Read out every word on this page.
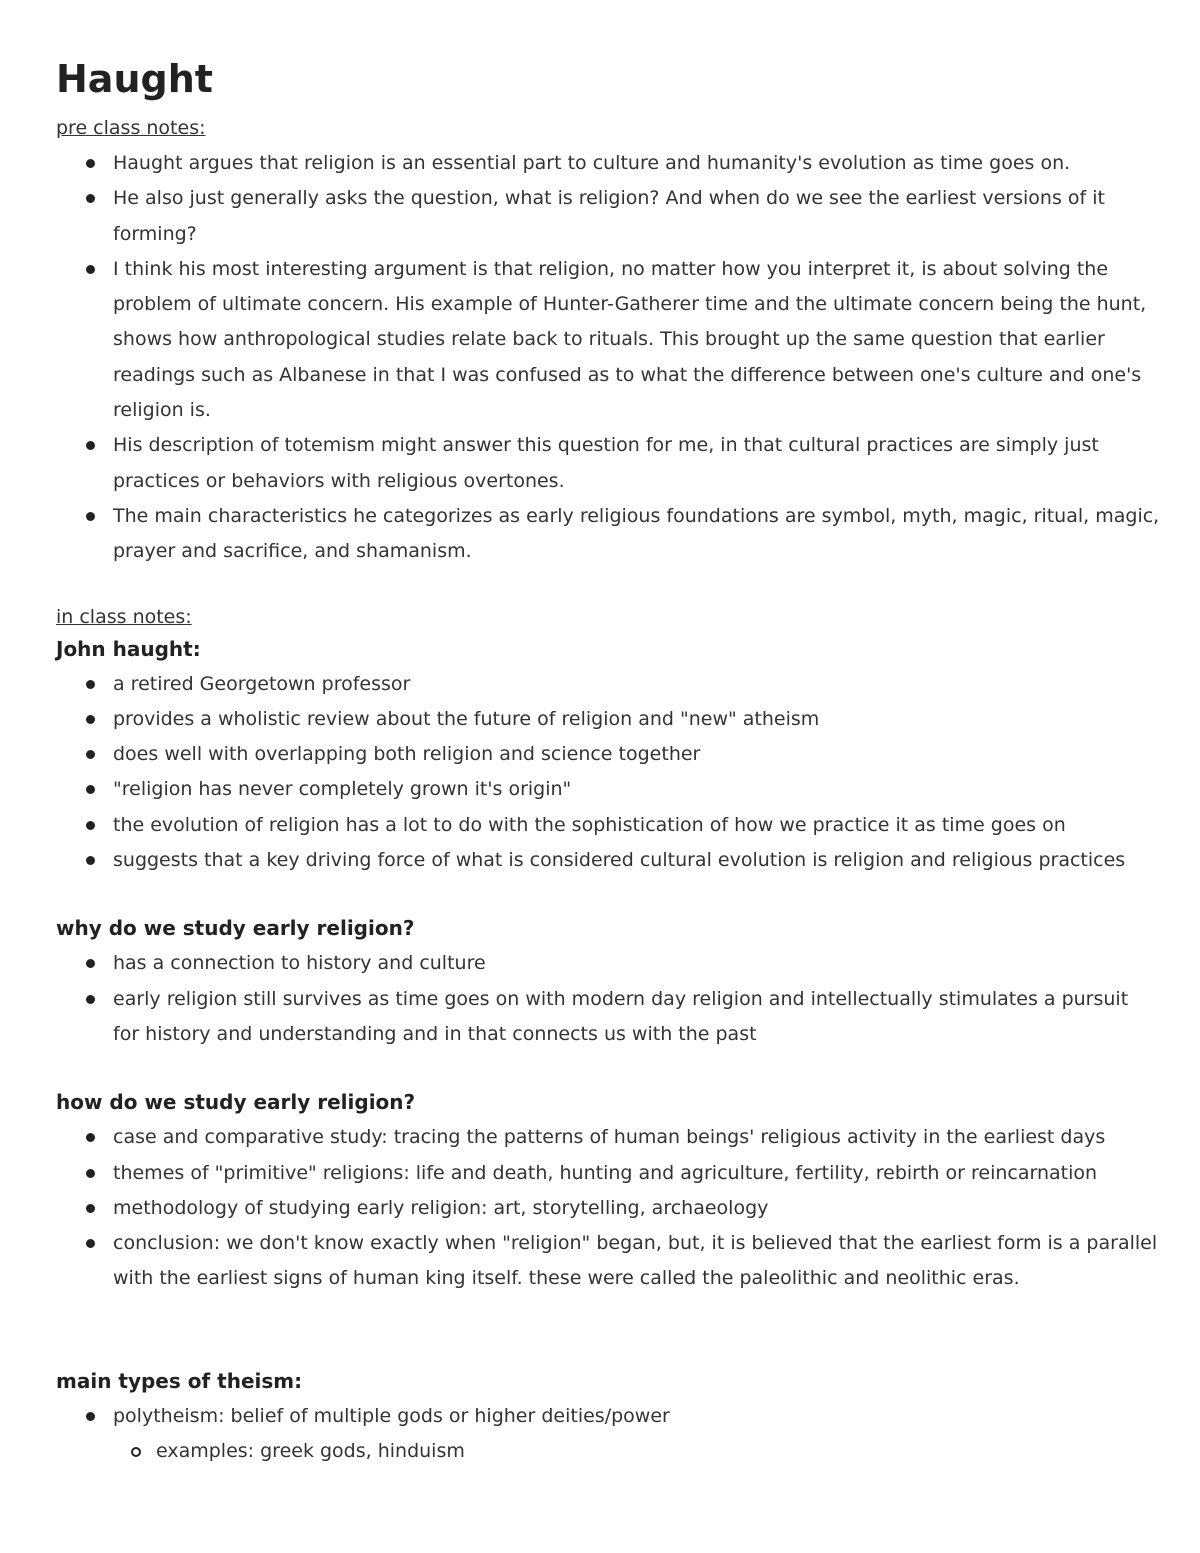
Haught
pre class notes:
Haught argues that religion is an essential part to culture and humanity's evolution as time goes on.
He also just generally asks the question, what is religion? And when do we see the earliest versions of it forming?
I think his most interesting argument is that religion, no matter how you interpret it, is about solving the problem of ultimate concern. His example of Hunter-Gatherer time and the ultimate concern being the hunt, shows how anthropological studies relate back to rituals. This brought up the same question that earlier readings such as Albanese in that I was confused as to what the difference between one's culture and one's religion is.
His description of totemism might answer this question for me, in that cultural practices are simply just practices or behaviors with religious overtones.
The main characteristics he categorizes as early religious foundations are symbol, myth, magic, ritual, magic, prayer and sacrifice, and shamanism.
in class notes:
John haught:
a retired Georgetown professor
provides a wholistic review about the future of religion and "new" atheism
does well with overlapping both religion and science together
"religion has never completely grown it's origin"
the evolution of religion has a lot to do with the sophistication of how we practice it as time goes on
suggests that a key driving force of what is considered cultural evolution is religion and religious practices
why do we study early religion?
has a connection to history and culture
early religion still survives as time goes on with modern day religion and intellectually stimulates a pursuit for history and understanding and in that connects us with the past
how do we study early religion?
case and comparative study: tracing the patterns of human beings' religious activity in the earliest days
themes of "primitive" religions: life and death, hunting and agriculture, fertility, rebirth or reincarnation
methodology of studying early religion: art, storytelling, archaeology
conclusion: we don't know exactly when "religion" began, but, it is believed that the earliest form is a parallel with the earliest signs of human king itself. these were called the paleolithic and neolithic eras.
main types of theism:
polytheism: belief of multiple gods or higher deities/power
examples: greek gods, hinduism
